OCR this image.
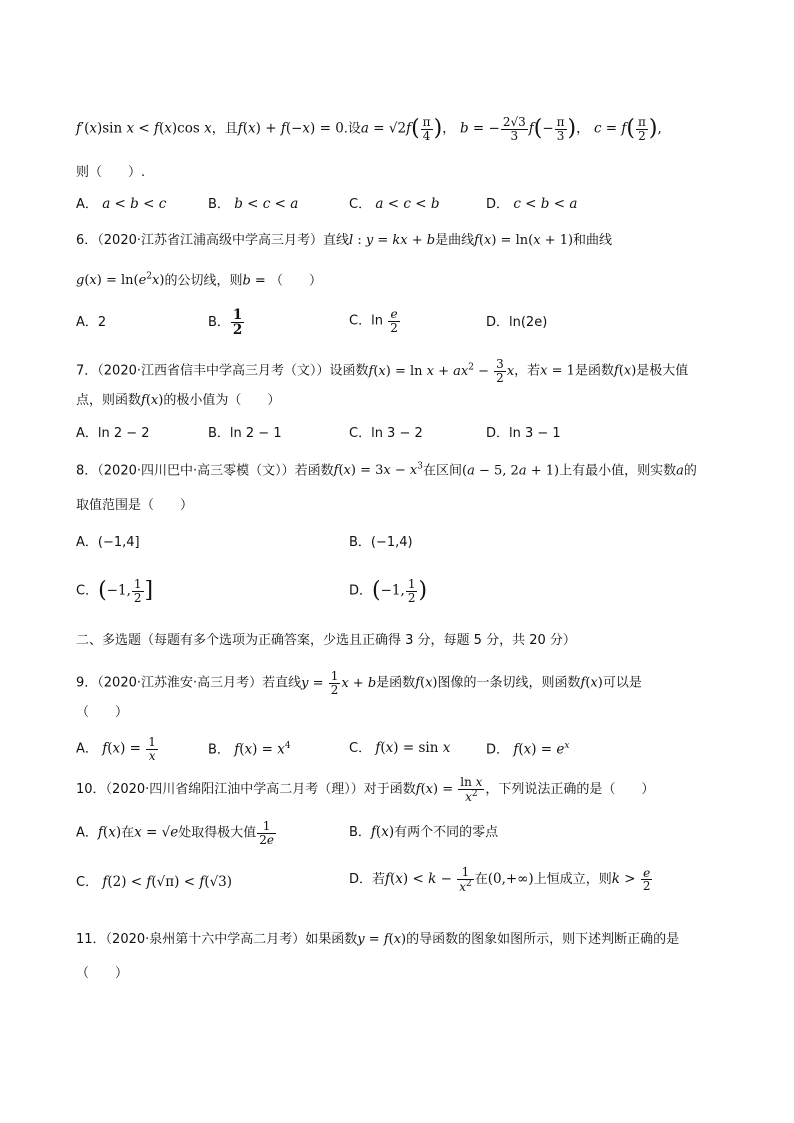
f′(x)sin x < f(x)cos x，且f(x) + f(−x) = 0.设$a = √2f( \frac{\pi}{4}$ )， b = − $\frac{2√3}{3} f(- \frac{\pi}{3}$ )， $c = f( \frac{\pi}{2}$ ),
则（　　）.
A． a < b < c	B． b < c < a	C． a < c < b	D． c < b < a
6．（2020·江苏省江浦高级中学高三月考）直线l : y = kx + b是曲线f(x) = ln(x + 1)和曲线
$g(x) = \ln(e^2x)$的公切线，则b = （　　）
A．2	B． $\frac{1}{2}$	C．$\ln \frac{e}{2}$	D．ln(2e)
7．（2020·江西省信丰中学高三月考（文））设函数$f(x) = \ln x + ax^2 - \frac{3}{2}$ x，若x = 1是函数f(x)是极大值
点，则函数f(x)的极小值为（　　）
A．ln 2 − 2	B．ln 2 − 1	C．ln 3 − 2	D．ln 3 − 1
8．（2020·四川巴中·高三零模（文））若函数$f(x) = 3x - x^3$在区间(a − 5, 2a + 1)上有最小值，则实数a的
取值范围是（　　）
A．(−1,4]	B．(−1,4)
C．(−1, $\frac{1}{2}$ ]	D．(−1, $\frac{1}{2}$ )
二、多选题（每题有多个选项为正确答案，少选且正确得 3 分，每题 5 分，共 20 分）
9．（2020·江苏淮安·高三月考）若直线$y = \frac{1}{2}$ x + b是函数f(x)图像的一条切线，则函数f(x)可以是
（　　）
A． $f(x) = \frac{1}{x}$	B． $f(x) = x^4$	C． f(x) = sin x	D． $f(x) = e^x$
10．（2020·四川省绵阳江油中学高二月考（理））对于函数$f(x) = \frac{\text{ln x}}{x^2}$ ，下列说法正确的是（　　）
A．f(x)在x = √e处取得极大值 $\frac{1}{2e}$	B．f(x)有两个不同的零点
C． f(2) < f(√π) < f(√3)	D．若$f(x) < k - \frac{1}{x^2}$ 在(0,+∞)上恒成立，则$k > \frac{e}{2}$
11．（2020·泉州第十六中学高二月考）如果函数y = f(x)的导函数的图象如图所示，则下述判断正确的是
（　　）
